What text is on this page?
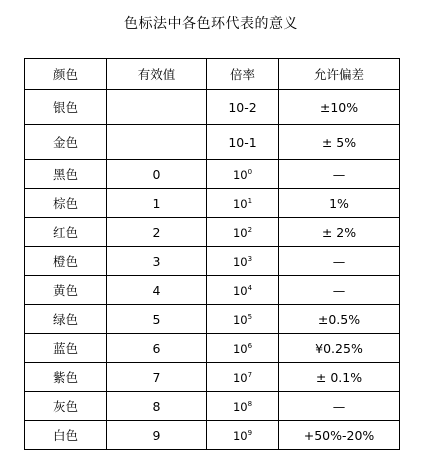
色标法中各色环代表的意义
颜色	有效值	倍率	允许偏差
银色		10-2	±10%
金色		10-1	± 5%
黑色	0	$10^0$	—
棕色	1	$10^1$	1%
红色	2	$10^2$	± 2%
橙色	3	$10^3$	—
黄色	4	$10^4$	—
绿色	5	$10^5$	±0.5%
蓝色	6	$10^6$	¥0.25%
紫色	7	$10^7$	± 0.1%
灰色	8	$10^8$	—
白色	9	$10^9$	+50%-20%
